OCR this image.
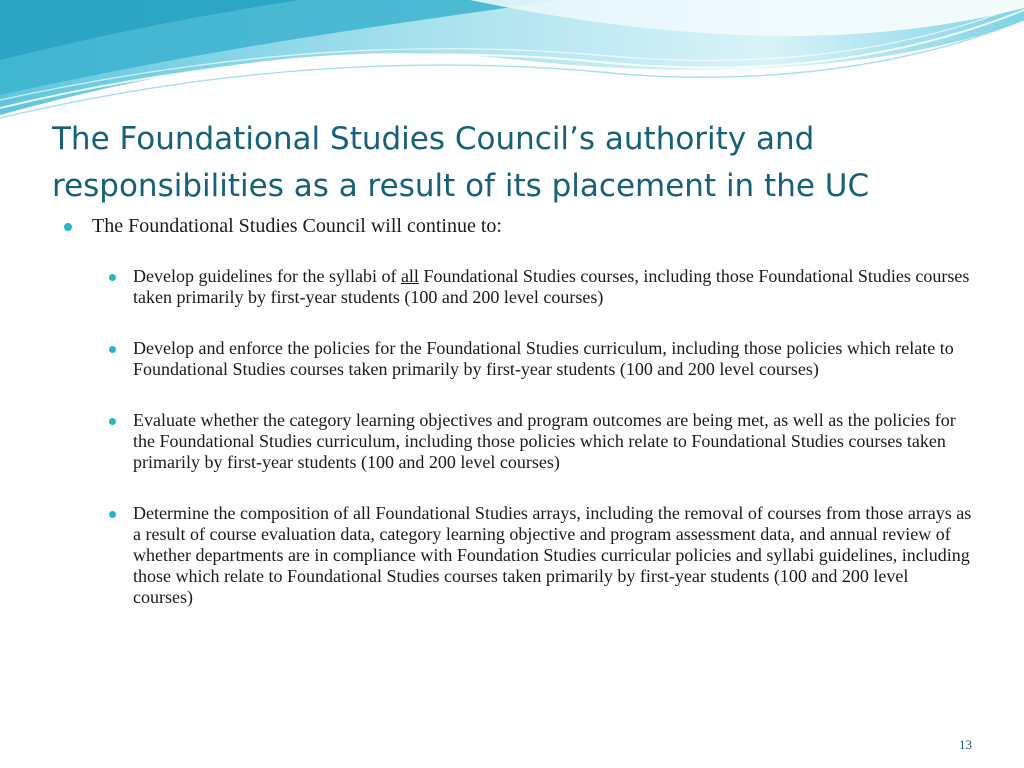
The Foundational Studies Council’s authority and responsibilities as a result of its placement in the UC
The Foundational Studies Council will continue to:
Develop guidelines for the syllabi of all Foundational Studies courses, including those Foundational Studies courses taken primarily by first-year students (100 and 200 level courses)
Develop and enforce the policies for the Foundational Studies curriculum, including those policies which relate to Foundational Studies courses taken primarily by first-year students (100 and 200 level courses)
Evaluate whether the category learning objectives and program outcomes are being met, as well as the policies for the Foundational Studies curriculum, including those policies which relate to Foundational Studies courses taken primarily by first-year students (100 and 200 level courses)
Determine the composition of all Foundational Studies arrays, including the removal of courses from those arrays as a result of course evaluation data, category learning objective and program assessment data, and annual review of whether departments are in compliance with Foundation Studies curricular policies and syllabi guidelines, including those which relate to Foundational Studies courses taken primarily by first-year students (100 and 200 level courses)
13
